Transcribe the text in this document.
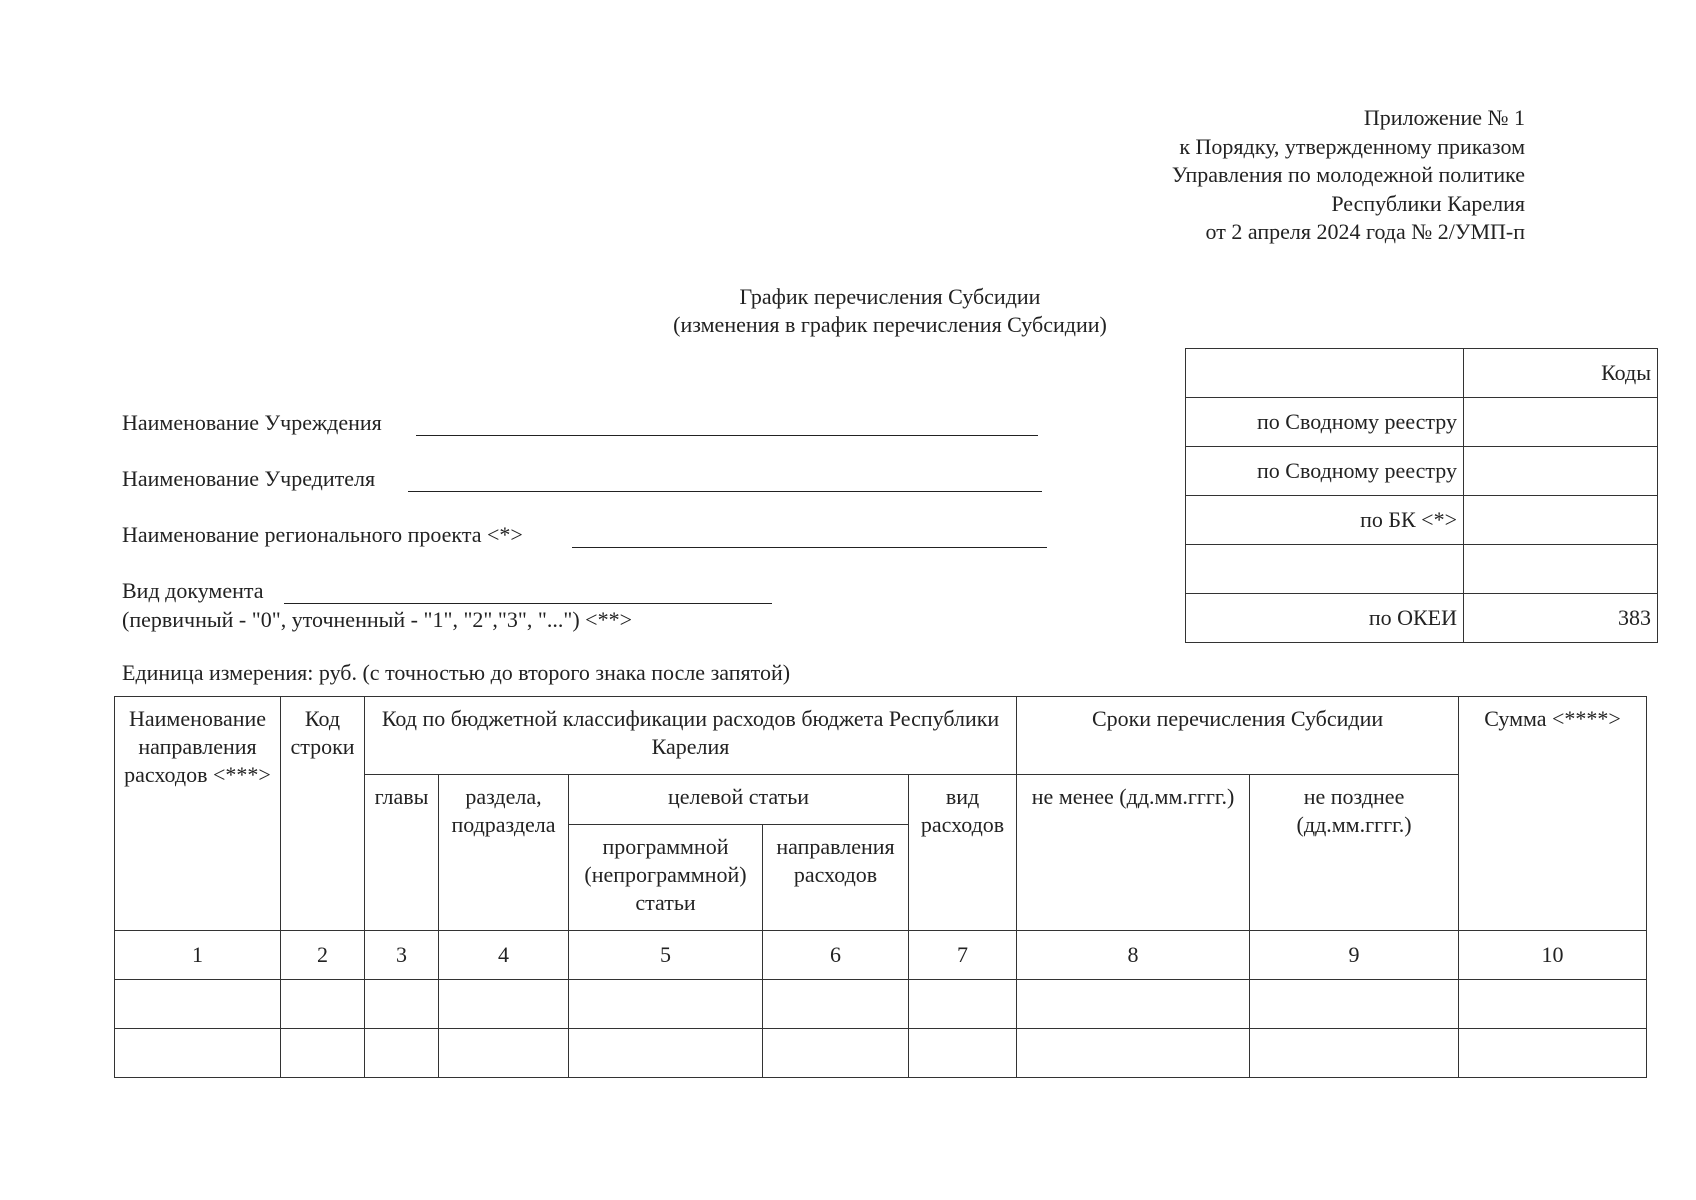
Приложение № 1
к Порядку, утвержденному приказом
Управления по молодежной политике
Республики Карелия
от 2 апреля 2024 года № 2/УМП-п
График перечисления Субсидии
(изменения в график перечисления Субсидии)
Наименование Учреждения
Наименование Учредителя
Наименование регионального проекта <*>
Вид документа
(первичный - "0", уточненный - "1", "2","3", "...") <**>
Единица измерения: руб. (с точностью до второго знака после запятой)
	Коды
по Сводному реестру	
по Сводному реестру	
по БК <*>	

по ОКЕИ	383
Наименование направления расходов <***>	Код строки	Код по бюджетной классификации расходов бюджета Республики Карелия					Сроки перечисления Субсидии		Сумма <****>
		главы	раздела, подраздела	целевой статьи		вид расходов	не менее (дд.мм.гггг.)	не позднее (дд.мм.гггг.)	
				программной (непрограммной) статьи	направления расходов				
1	2	3	4	5	6	7	8	9	10
